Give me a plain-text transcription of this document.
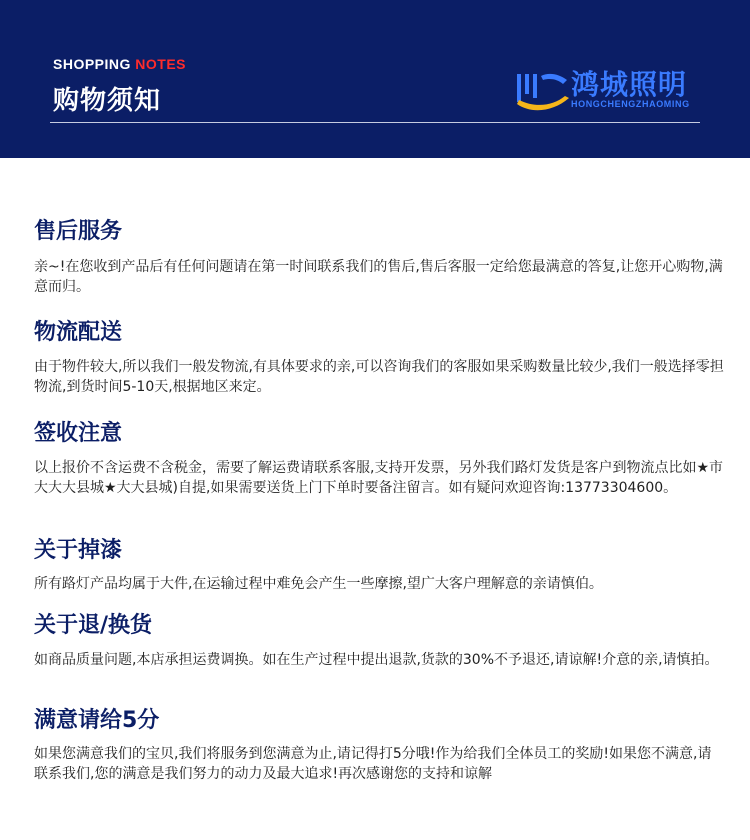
SHOPPING NOTES
购物须知	鸿城照明
HONGCHENGZHAOMING
售后服务

亲~!在您收到产品后有任何问题请在第一时间联系我们的售后,售后客服一定给您最满意的答复,让您开心购物,满意而归。

物流配送

由于物件较大,所以我们一般发物流,有具体要求的亲,可以咨询我们的客服如果采购数量比较少,我们一般选择零担物流,到货时间5-10天,根据地区来定。

签收注意

以上报价不含运费不含税金，需要了解运费请联系客服,支持开发票，另外我们路灯发货是客户到物流点比如★市大大大县城★大大县城)自提,如果需要送货上门下单时要备注留言。如有疑问欢迎咨询:13773304600。

关于掉漆

所有路灯产品均属于大件,在运输过程中难免会产生一些摩擦,望广大客户理解意的亲请慎伯。

关于退/换货

如商品质量问题,本店承担运费调换。如在生产过程中提出退款,货款的30%不予退还,请谅解!介意的亲,请慎拍。

满意请给5分

如果您满意我们的宝贝,我们将服务到您满意为止,请记得打5分哦!作为给我们全体员工的奖励!如果您不满意,请联系我们,您的满意是我们努力的动力及最大追求!再次感谢您的支持和谅解
